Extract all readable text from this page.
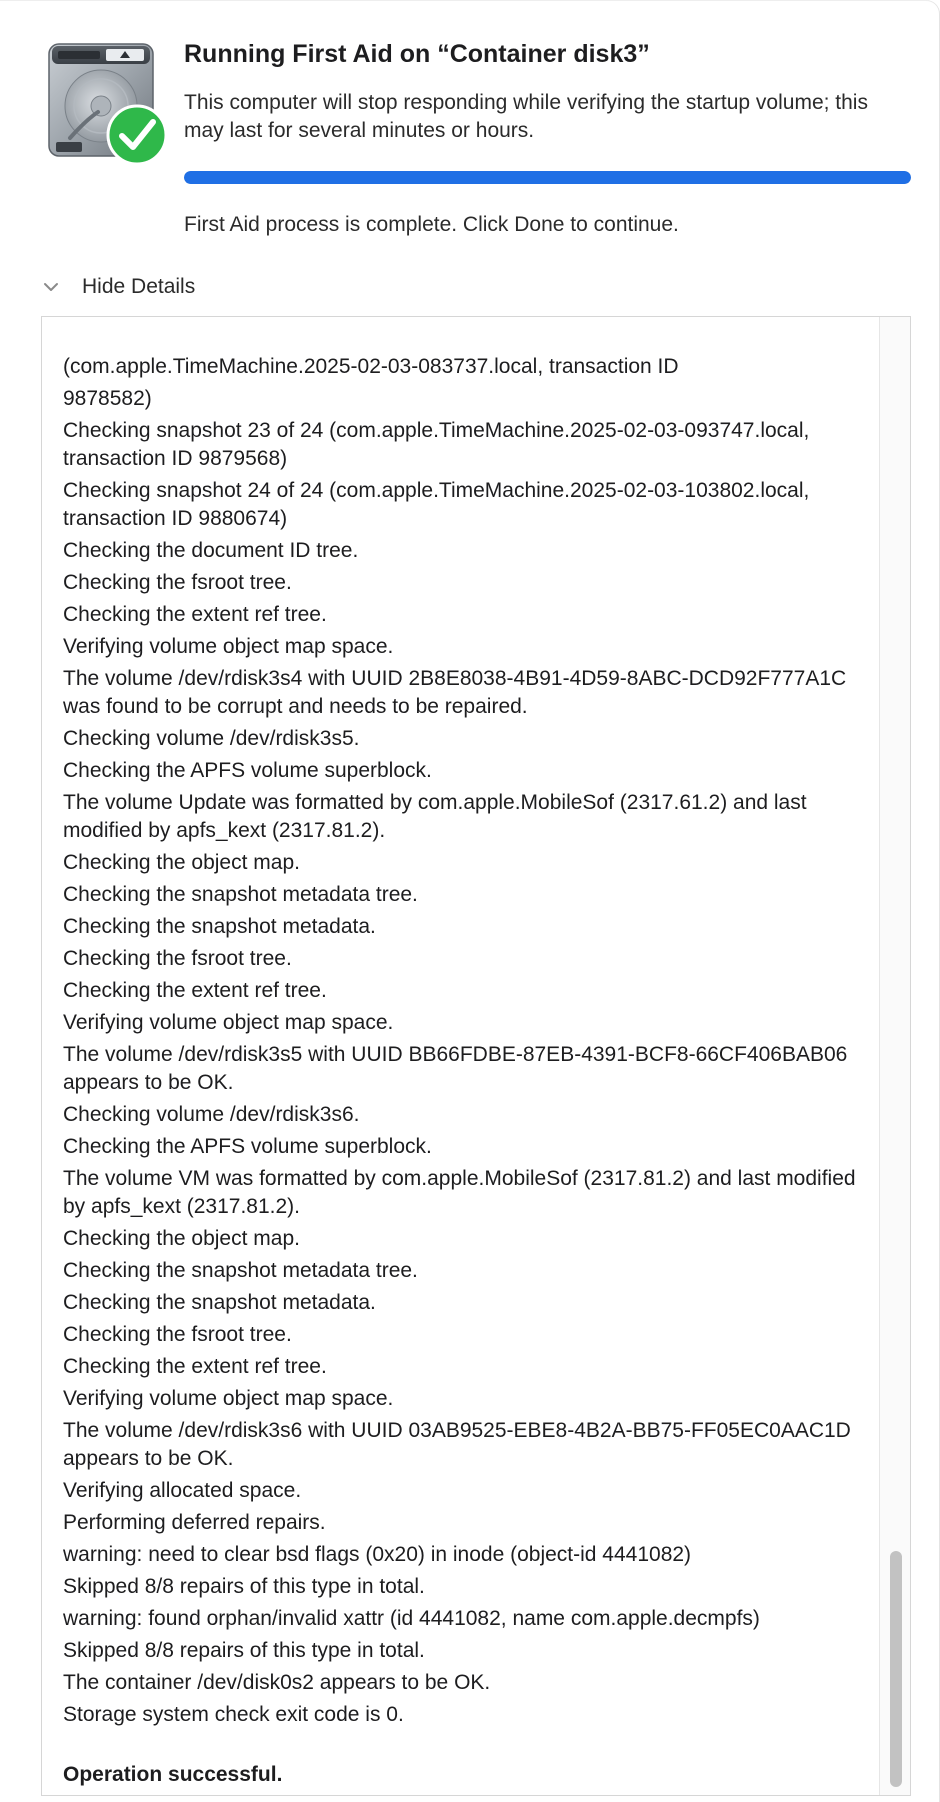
Running First Aid on “Container disk3”
This computer will stop responding while verifying the startup volume; this may last for several minutes or hours.
First Aid process is complete. Click Done to continue.
Hide Details
(com.apple.TimeMachine.2025-02-03-083737.local, transaction ID
9878582)
Checking snapshot 23 of 24 (com.apple.TimeMachine.2025-02-03-093747.local, transaction ID 9879568)
Checking snapshot 24 of 24 (com.apple.TimeMachine.2025-02-03-103802.local, transaction ID 9880674)
Checking the document ID tree.
Checking the fsroot tree.
Checking the extent ref tree.
Verifying volume object map space.
The volume /dev/rdisk3s4 with UUID 2B8E8038-4B91-4D59-8ABC-DCD92F777A1C was found to be corrupt and needs to be repaired.
Checking volume /dev/rdisk3s5.
Checking the APFS volume superblock.
The volume Update was formatted by com.apple.MobileSof (2317.61.2) and last modified by apfs_kext (2317.81.2).
Checking the object map.
Checking the snapshot metadata tree.
Checking the snapshot metadata.
Checking the fsroot tree.
Checking the extent ref tree.
Verifying volume object map space.
The volume /dev/rdisk3s5 with UUID BB66FDBE-87EB-4391-BCF8-66CF406BAB06 appears to be OK.
Checking volume /dev/rdisk3s6.
Checking the APFS volume superblock.
The volume VM was formatted by com.apple.MobileSof (2317.81.2) and last modified by apfs_kext (2317.81.2).
Checking the object map.
Checking the snapshot metadata tree.
Checking the snapshot metadata.
Checking the fsroot tree.
Checking the extent ref tree.
Verifying volume object map space.
The volume /dev/rdisk3s6 with UUID 03AB9525-EBE8-4B2A-BB75-FF05EC0AAC1D appears to be OK.
Verifying allocated space.
Performing deferred repairs.
warning: need to clear bsd flags (0x20) in inode (object-id 4441082)
Skipped 8/8 repairs of this type in total.
warning: found orphan/invalid xattr (id 4441082, name com.apple.decmpfs)
Skipped 8/8 repairs of this type in total.
The container /dev/disk0s2 appears to be OK.
Storage system check exit code is 0.
Operation successful.
